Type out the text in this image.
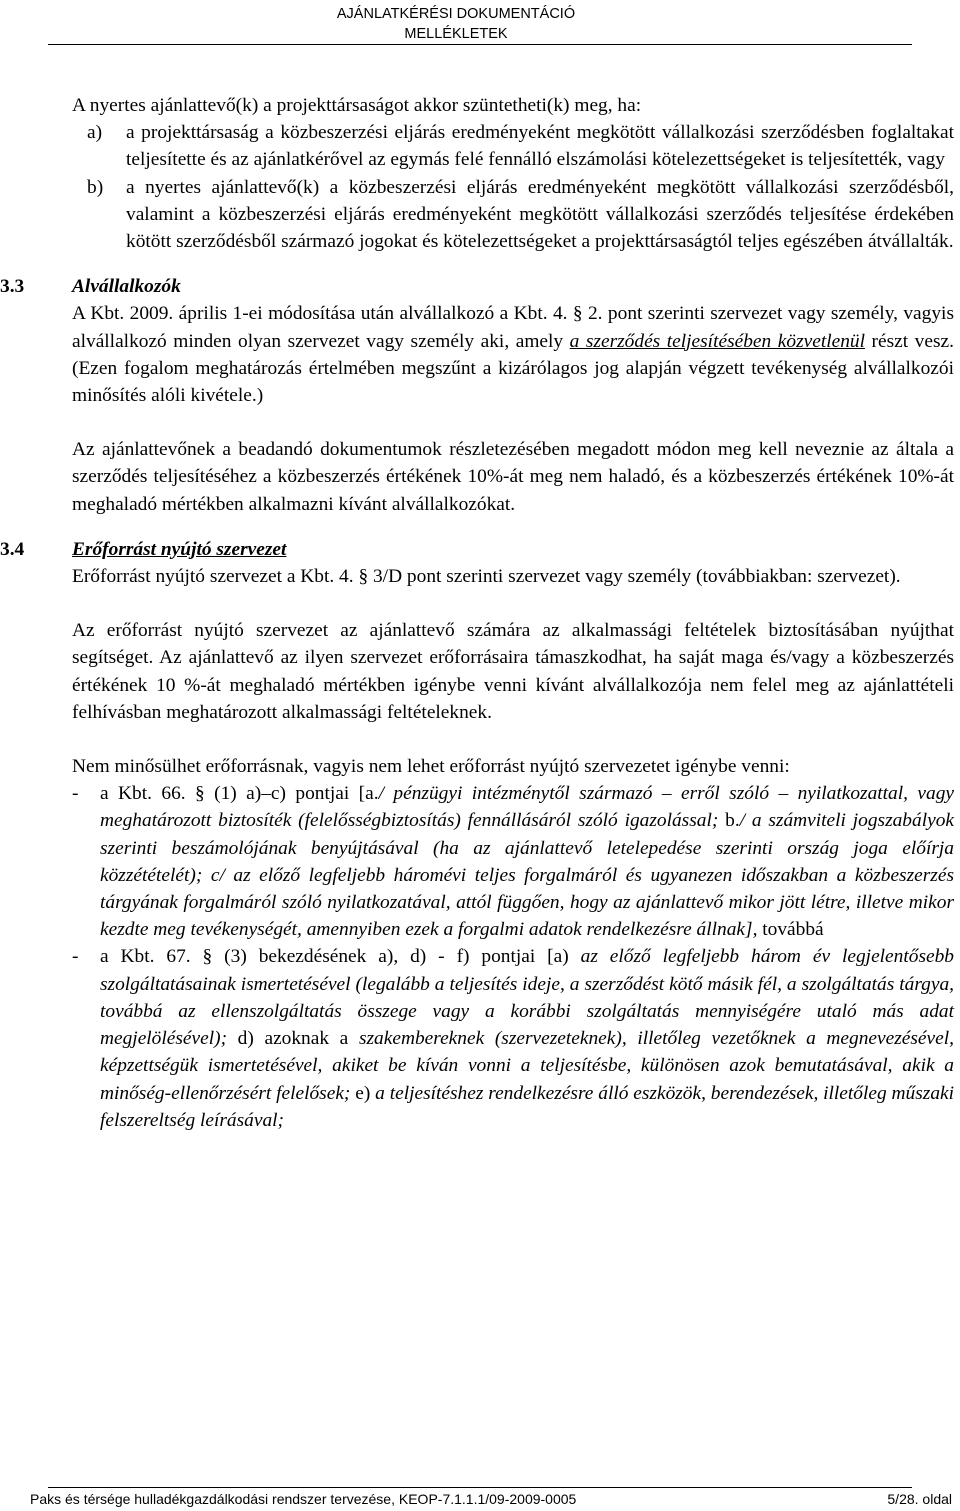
AJÁNLATKÉRÉSI DOKUMENTÁCIÓ
MELLÉKLETEK

A nyertes ajánlattevő(k) a projekttársaságot akkor szüntetheti(k) meg, ha:

a)	a projekttársaság a közbeszerzési eljárás eredményeként megkötött vállalkozási szerződésben foglaltakat teljesítette és az ajánlatkérővel az egymás felé fennálló elszámolási kötelezettségeket is teljesítették, vagy
b)	a nyertes ajánlattevő(k) a közbeszerzési eljárás eredményeként megkötött vállalkozási szerződésből, valamint a közbeszerzési eljárás eredményeként megkötött vállalkozási szerződés teljesítése érdekében kötött szerződésből származó jogokat és kötelezettségeket a projekttársaságtól teljes egészében átvállalták.
3.3	Alvállalkozók

A Kbt. 2009. április 1-ei módosítása után alvállalkozó a Kbt. 4. § 2. pont szerinti szervezet vagy személy, vagyis alvállalkozó minden olyan szervezet vagy személy aki, amely a szerződés teljesítésében közvetlenül részt vesz. (Ezen fogalom meghatározás értelmében megszűnt a kizárólagos jog alapján végzett tevékenység alvállalkozói minősítés alóli kivétele.)

Az ajánlattevőnek a beadandó dokumentumok részletezésében megadott módon meg kell neveznie az általa a szerződés teljesítéséhez a közbeszerzés értékének 10%-át meg nem haladó, és a közbeszerzés értékének 10%-át meghaladó mértékben alkalmazni kívánt alvállalkozókat.

3.4	Erőforrást nyújtó szervezet

Erőforrást nyújtó szervezet a Kbt. 4. § 3/D pont szerinti szervezet vagy személy (továbbiakban: szervezet).

Az erőforrást nyújtó szervezet az ajánlattevő számára az alkalmassági feltételek biztosításában nyújthat segítséget. Az ajánlattevő az ilyen szervezet erőforrásaira támaszkodhat, ha saját maga és/vagy a közbeszerzés értékének 10 %-át meghaladó mértékben igénybe venni kívánt alvállalkozója nem felel meg az ajánlattételi felhívásban meghatározott alkalmassági feltételeknek.

Nem minősülhet erőforrásnak, vagyis nem lehet erőforrást nyújtó szervezetet igénybe venni:

-	a Kbt. 66. § (1) a)–c) pontjai [a./ pénzügyi intézménytől származó – erről szóló – nyilatkozattal, vagy meghatározott biztosíték (felelősségbiztosítás) fennállásáról szóló igazolással; b./ a számviteli jogszabályok szerinti beszámolójának benyújtásával (ha az ajánlattevő letelepedése szerinti ország joga előírja közzétételét); c/ az előző legfeljebb háromévi teljes forgalmáról és ugyanezen időszakban a közbeszerzés tárgyának forgalmáról szóló nyilatkozatával, attól függően, hogy az ajánlattevő mikor jött létre, illetve mikor kezdte meg tevékenységét, amennyiben ezek a forgalmi adatok rendelkezésre állnak], továbbá
-	a Kbt. 67. § (3) bekezdésének a), d) - f) pontjai [a) az előző legfeljebb három év legjelentősebb szolgáltatásainak ismertetésével (legalább a teljesítés ideje, a szerződést kötő másik fél, a szolgáltatás tárgya, továbbá az ellenszolgáltatás összege vagy a korábbi szolgáltatás mennyiségére utaló más adat megjelölésével); d) azoknak a szakembereknek (szervezeteknek), illetőleg vezetőknek a megnevezésével, képzettségük ismertetésével, akiket be kíván vonni a teljesítésbe, különösen azok bemutatásával, akik a minőség-ellenőrzésért felelősek; e) a teljesítéshez rendelkezésre álló eszközök, berendezések, illetőleg műszaki felszereltség leírásával;
Paks és térsége hulladékgazdálkodási rendszer tervezése, KEOP-7.1.1.1/09-2009-0005	5/28. oldal
